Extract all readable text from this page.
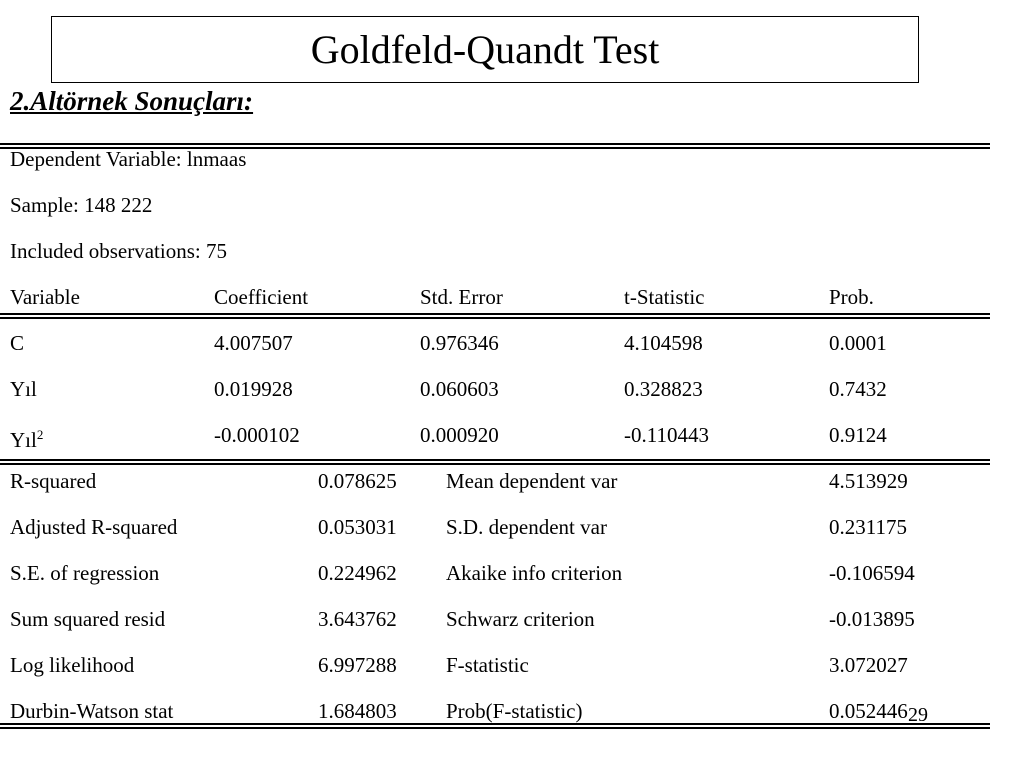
Goldfeld-Quandt Test
2.Altörnek Sonuçları:
Dependent Variable: lnmaas
Sample: 148 222
Included observations: 75
Variable	Coefficient	Std. Error	t-Statistic	Prob.
C	4.007507	0.976346	4.104598	0.0001
Yıl	0.019928	0.060603	0.328823	0.7432
Yıl$^2$	-0.000102	0.000920	-0.110443	0.9124
R-squared	0.078625 Mean dependent var	4.513929
Adjusted R-squared	0.053031 S.D. dependent var	0.231175
S.E. of regression	0.224962 Akaike info criterion	-0.106594
Sum squared resid	3.643762 Schwarz criterion	-0.013895
Log likelihood	6.997288 F-statistic	3.072027
Durbin-Watson stat	1.684803 Prob(F-statistic)	0.052446 29
